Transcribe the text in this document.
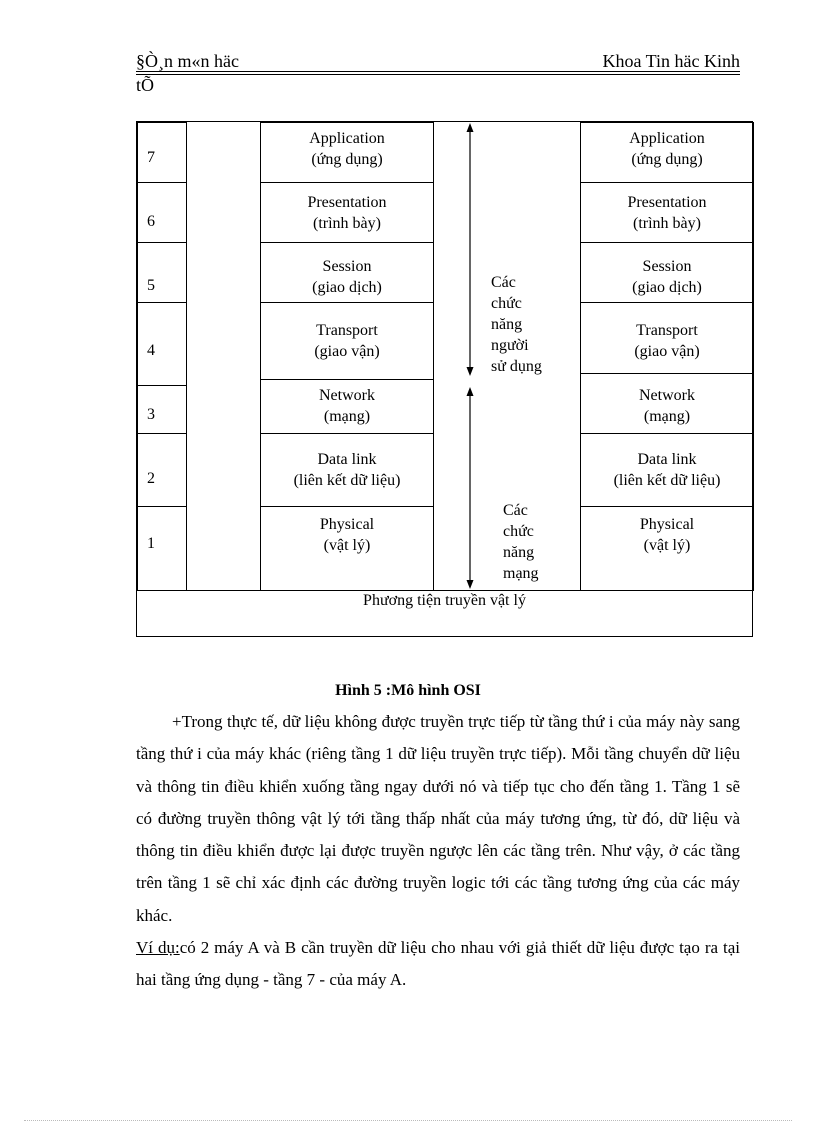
§Ò¸n m«n häc	Khoa Tin häc Kinh
tÕ
7
6
5
4
3
2
1
Application
(ứng dụng)
Presentation
(trình bày)
Session
(giao dịch)
Transport
(giao vận)
Network
(mạng)
Data link
(liên kết dữ liệu)
Physical
(vật lý)
Application
(ứng dụng)
Presentation
(trình bày)
Session
(giao dịch)
Transport
(giao vận)
Network
(mạng)
Data link
(liên kết dữ liệu)
Physical
(vật lý)
Các
chức
năng
người
sử dụng
Các
chức
năng
mạng
Phương tiện truyền vật lý
Hình 5 :Mô hình OSI

+Trong thực tế, dữ liệu không được truyền trực tiếp từ tầng thứ i của máy này sang tầng thứ i của máy khác (riêng tầng 1 dữ liệu truyền trực tiếp). Mỗi tầng chuyển dữ liệu và thông tin điều khiển xuống tầng ngay dưới nó và tiếp tục cho đến tầng 1. Tầng 1 sẽ có đường truyền thông vật lý tới tầng thấp nhất của máy tương ứng, từ đó, dữ liệu và thông tin điều khiển được lại được truyền ngược lên các tầng trên. Như vậy, ở các tầng trên tầng 1 sẽ chỉ xác định các đường truyền logic tới các tầng tương ứng của các máy khác.

Ví dụ:có 2 máy A và B cần truyền dữ liệu cho nhau với giả thiết dữ liệu được tạo ra tại hai tầng ứng dụng - tầng 7 - của máy A.
